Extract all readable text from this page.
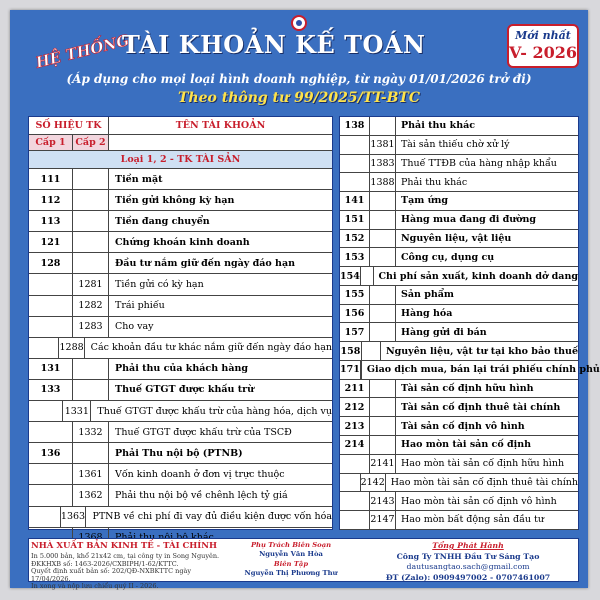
HỆ THỐNG
TÀI KHOẢN KẾ TOÁN	Mới nhất
V- 2026
(Áp dụng cho mọi loại hình doanh nghiệp, từ ngày 01/01/2026 trở đi)
Theo thông tư 99/2025/TT-BTC
SỐ HIỆU TK	TÊN TÀI KHOẢN
Cấp 1	Cấp 2
Loại 1, 2 - TK TÀI SẢN
111	Tiền mặt
112	Tiền gửi không kỳ hạn
113	Tiền đang chuyển
121	Chứng khoán kinh doanh
128	Đầu tư nắm giữ đến ngày đáo hạn
1281	Tiền gửi có kỳ hạn
1282	Trái phiếu
1283	Cho vay
1288 Các khoản đầu tư khác nắm giữ đến ngày đáo hạn
131	Phải thu của khách hàng
133	Thuế GTGT được khấu trừ
1331 Thuế GTGT được khấu trừ của hàng hóa, dịch vụ
1332	Thuế GTGT được khấu trừ của TSCĐ
136	Phải Thu nội bộ (PTNB)
1361	Vốn kinh doanh ở đơn vị trực thuộc
1362	Phải thu nội bộ về chênh lệch tỷ giá
1363 PTNB về chi phí đi vay đủ điều kiện được vốn hóa
138	Phải thu khác
1381 Tài sản thiếu chờ xử lý
1383 Thuế TTĐB của hàng nhập khẩu
1388 Phải thu khác
141	Tạm ứng
151	Hàng mua đang đi đường
152	Nguyên liệu, vật liệu
153	Công cụ, dụng cụ
154	Chi phí sản xuất, kinh doanh dở dang
155	Sản phẩm
156	Hàng hóa
157	Hàng gửi đi bán
158	Nguyên liệu, vật tư tại kho bảo thuế
171 Giao dịch mua, bán lại trái phiếu chính phủ
211	Tài sản cố định hữu hình
212	Tài sản cố định thuê tài chính
213	Tài sản cố định vô hình
214	Hao mòn tài sản cố định
2141 Hao mòn tài sản cố định hữu hình
2142 Hao mòn tài sản cố định thuê tài chính
2143 Hao mòn tài sản cố định vô hình
2147 Hao mòn bất động sản đầu tư
NHÀ XUẤT BẢN KINH TẾ - TÀI CHÍNH
In 5.000 bản, khổ 21x42 cm, tại công ty in Song Nguyên.
ĐKKHXB số: 1463-2026/CXBIPH/1-62/KTTC.
Quyết định xuất bản số: 202/QĐ-NXBKTTC ngày 17/04/2026.
In xong và nộp lưu chiểu quý II - 2026.
Phụ Trách Biên Soạn
Nguyễn Văn Hòa
Biên Tập
Nguyễn Thị Phương Thư
Tổng Phát Hành
Công Ty TNHH Đầu Tư Sáng Tạo
dautusangtao.sach@gmail.com
ĐT (Zalo): 0909497002 - 0707461007
